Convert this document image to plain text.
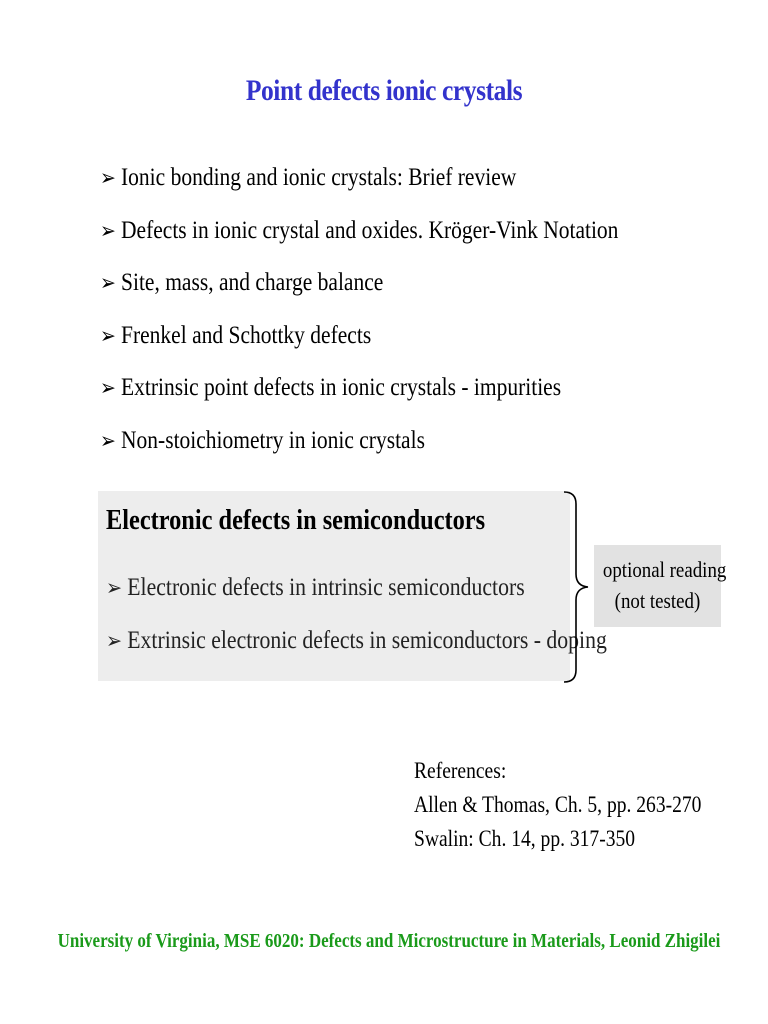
Point defects ionic crystals
➢ Ionic bonding and ionic crystals: Brief review
➢ Defects in ionic crystal and oxides. Kröger-Vink Notation
➢ Site, mass, and charge balance
➢ Frenkel and Schottky defects
➢ Extrinsic point defects in ionic crystals - impurities
➢ Non-stoichiometry in ionic crystals
Electronic defects in semiconductors
➢ Electronic defects in intrinsic semiconductors
➢ Extrinsic electronic defects in semiconductors - doping
optional reading
(not tested)
References:
Allen & Thomas, Ch. 5, pp. 263-270
Swalin: Ch. 14, pp. 317-350
University of Virginia, MSE 6020: Defects and Microstructure in Materials, Leonid Zhigilei
